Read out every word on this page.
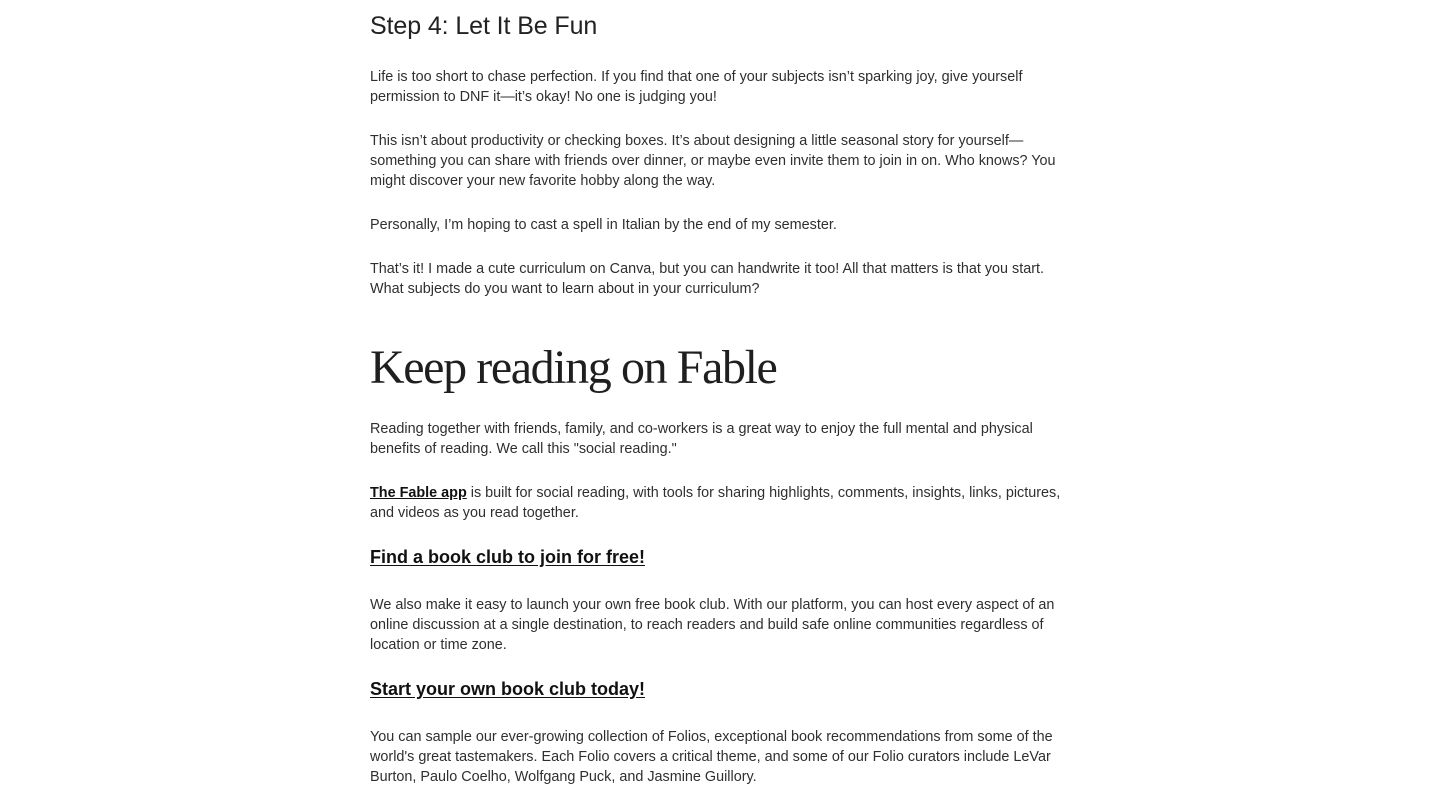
Step 4: Let It Be Fun

Life is too short to chase perfection. If you find that one of your subjects isn’t sparking joy, give yourself permission to DNF it—it’s okay! No one is judging you!

This isn’t about productivity or checking boxes. It’s about designing a little seasonal story for yourself—something you can share with friends over dinner, or maybe even invite them to join in on. Who knows? You might discover your new favorite hobby along the way.

Personally, I’m hoping to cast a spell in Italian by the end of my semester.

That’s it! I made a cute curriculum on Canva, but you can handwrite it too! All that matters is that you start. What subjects do you want to learn about in your curriculum?

Keep reading on Fable

Reading together with friends, family, and co-workers is a great way to enjoy the full mental and physical benefits of reading. We call this "social reading."

The Fable app is built for social reading, with tools for sharing highlights, comments, insights, links, pictures, and videos as you read together.

Find a book club to join for free!

We also make it easy to launch your own free book club. With our platform, you can host every aspect of an online discussion at a single destination, to reach readers and build safe online communities regardless of location or time zone.

Start your own book club today!

You can sample our ever-growing collection of Folios, exceptional book recommendations from some of the world's great tastemakers. Each Folio covers a critical theme, and some of our Folio curators include LeVar Burton, Paulo Coelho, Wolfgang Puck, and Jasmine Guillory.
